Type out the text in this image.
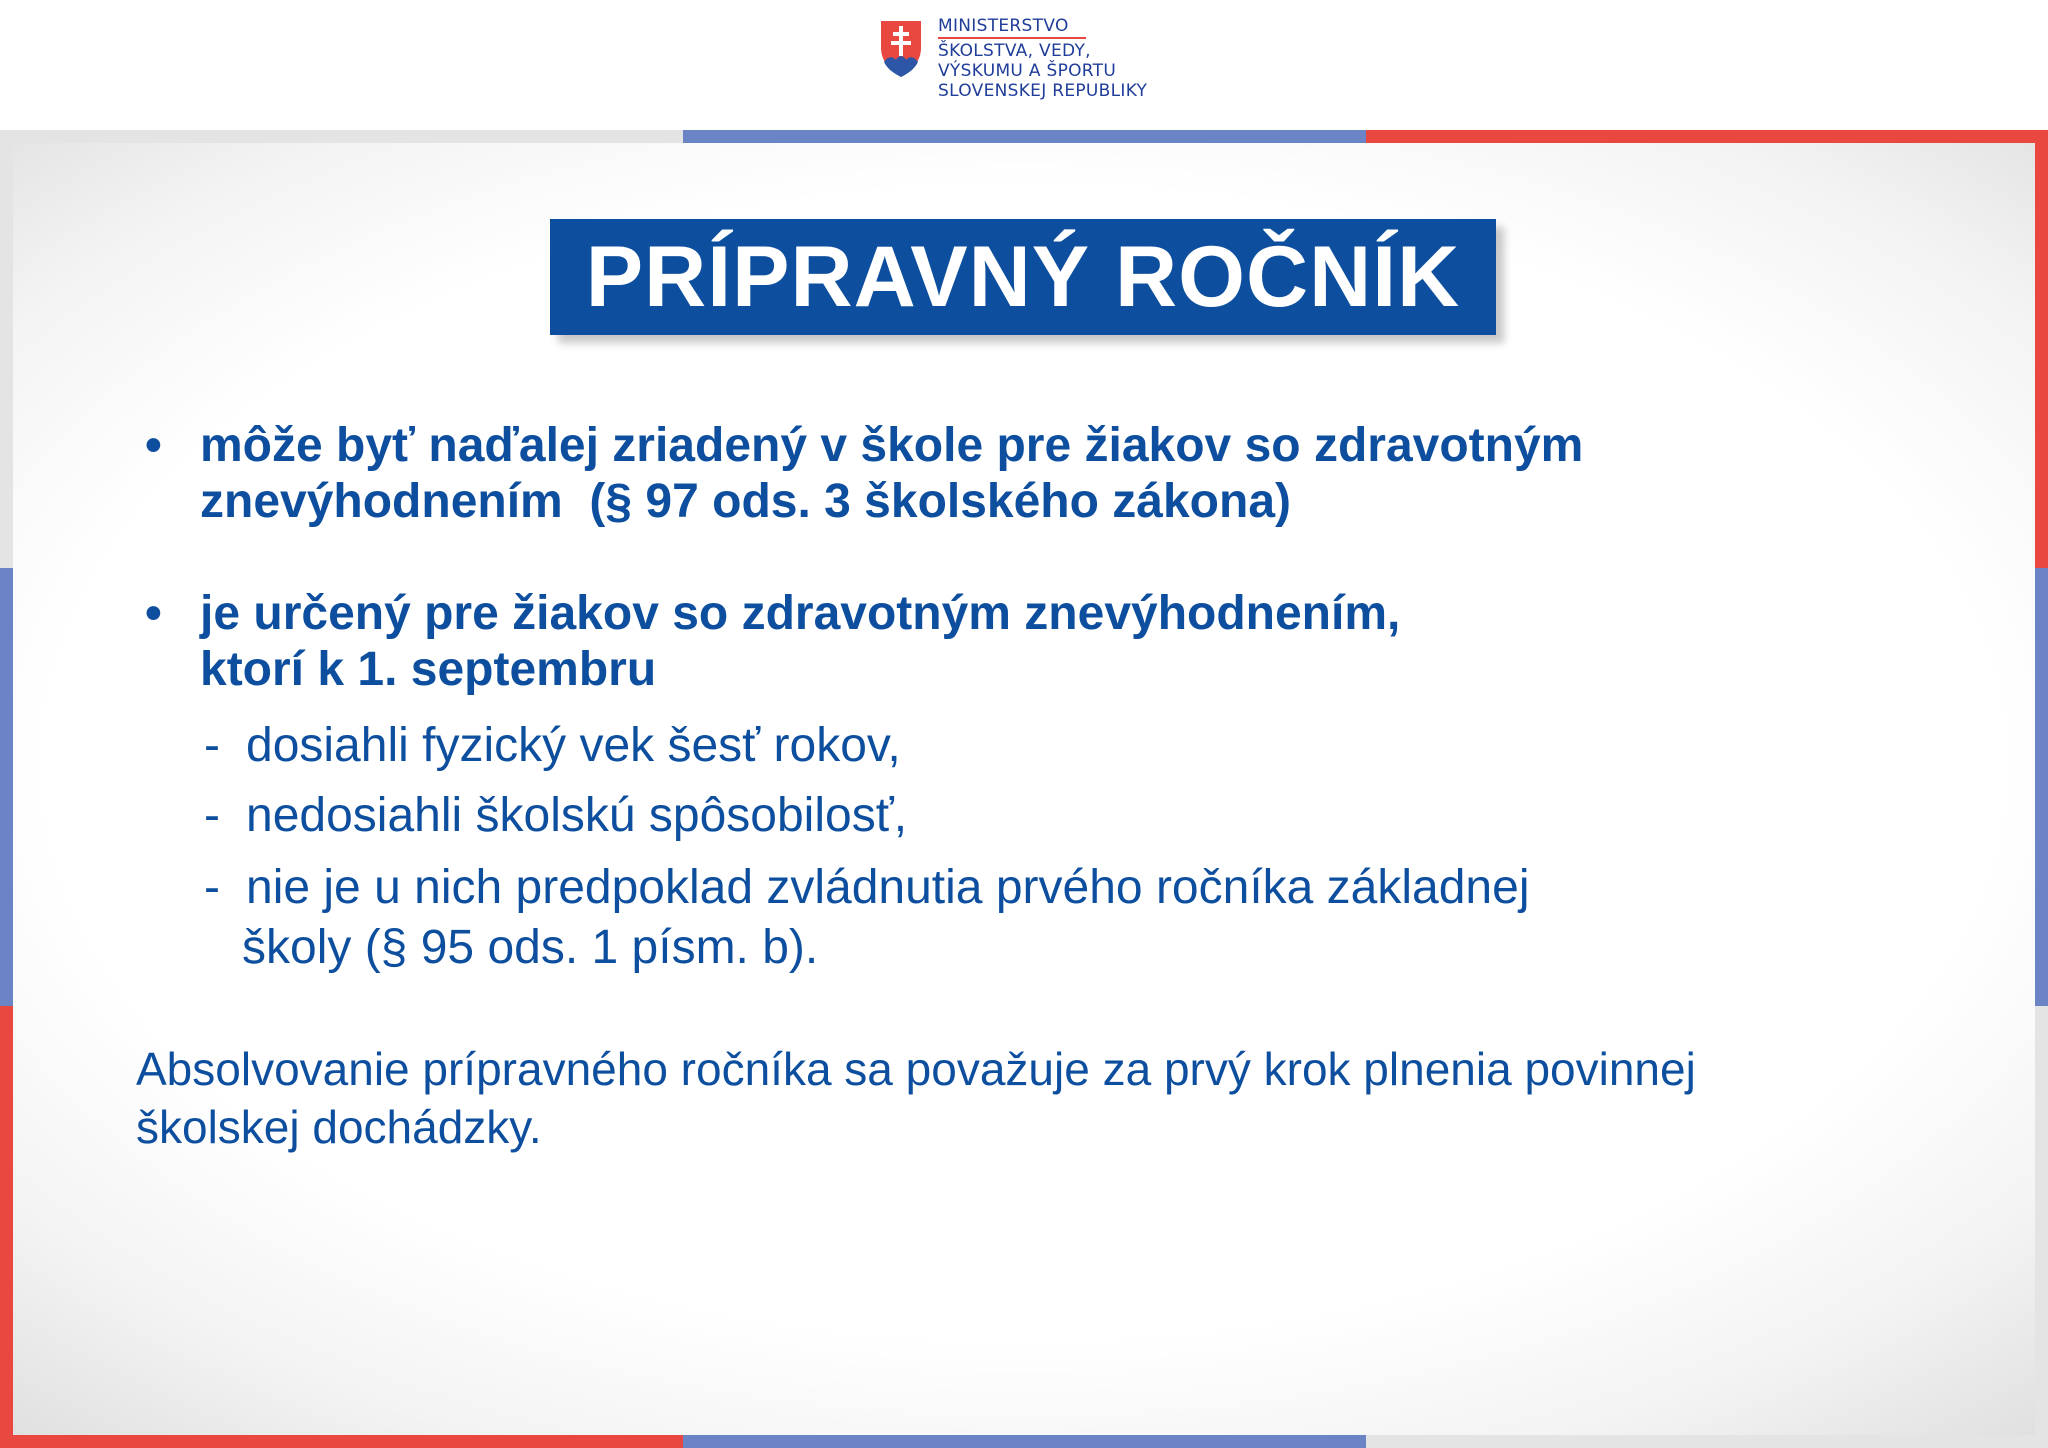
MINISTERSTVO
ŠKOLSTVA, VEDY,
VÝSKUMU A ŠPORTU
SLOVENSKEJ REPUBLIKY
PRÍPRAVNÝ ROČNÍK
• môže byť naďalej zriadený v škole pre žiakov so zdravotným
znevýhodnením  (§ 97 ods. 3 školského zákona)
• je určený pre žiakov so zdravotným znevýhodnením,
ktorí k 1. septembru
- dosiahli fyzický vek šesť rokov,
- nedosiahli školskú spôsobilosť,
- nie je u nich predpoklad zvládnutia prvého ročníka základnej
školy (§ 95 ods. 1 písm. b).
Absolvovanie prípravného ročníka sa považuje za prvý krok plnenia povinnej
školskej dochádzky.
